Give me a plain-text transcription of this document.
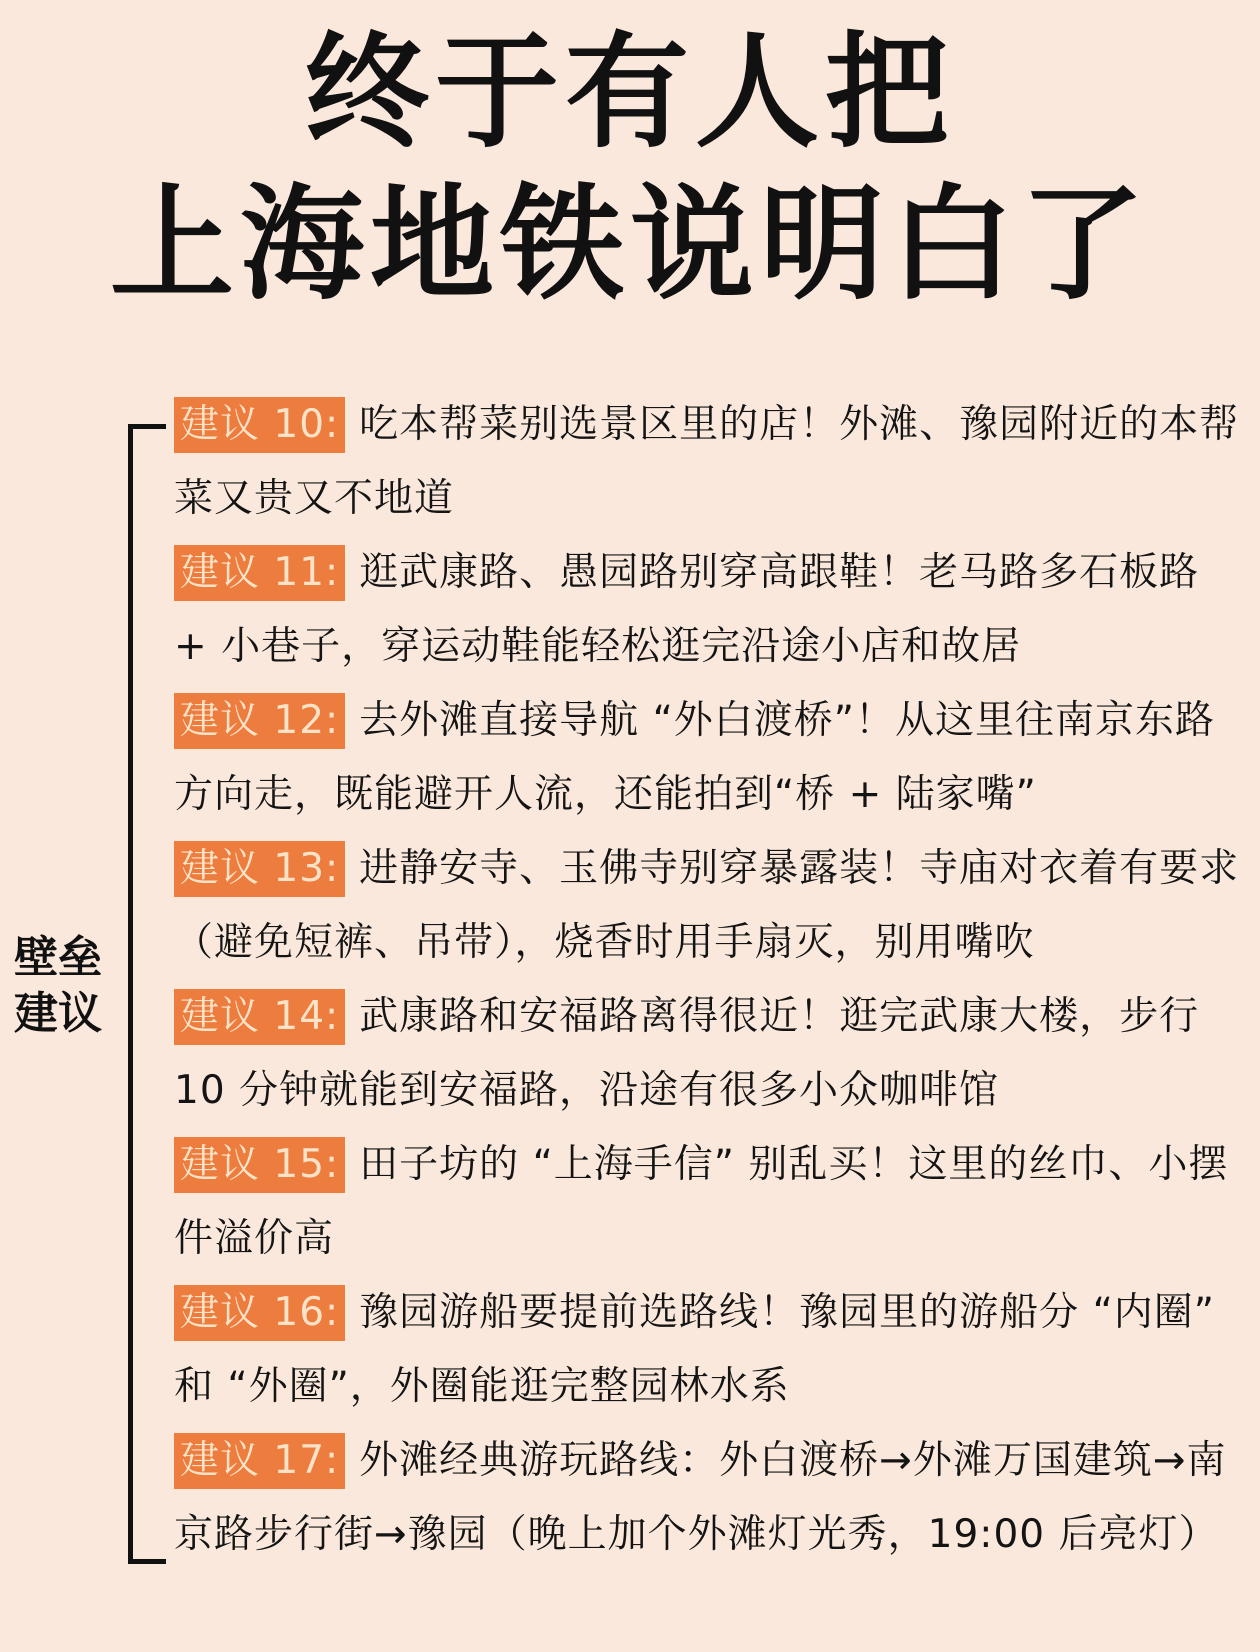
终于有人把
上海地铁说明白了
壁垒
建议
建议 10: 吃本帮菜别选景区里的店！外滩、豫园附近的本帮菜又贵又不地道
建议 11: 逛武康路、愚园路别穿高跟鞋！老马路多石板路 + 小巷子，穿运动鞋能轻松逛完沿途小店和故居
建议 12: 去外滩直接导航 “外白渡桥”！从这里往南京东路方向走，既能避开人流，还能拍到“桥 + 陆家嘴”
建议 13: 进静安寺、玉佛寺别穿暴露装！寺庙对衣着有要求（避免短裤、吊带），烧香时用手扇灭，别用嘴吹
建议 14: 武康路和安福路离得很近！逛完武康大楼，步行 10 分钟就能到安福路，沿途有很多小众咖啡馆
建议 15: 田子坊的 “上海手信” 别乱买！这里的丝巾、小摆件溢价高
建议 16: 豫园游船要提前选路线！豫园里的游船分 “内圈” 和 “外圈”，外圈能逛完整园林水系
建议 17: 外滩经典游玩路线：外白渡桥→外滩万国建筑→南京路步行街→豫园（晚上加个外滩灯光秀，19:00 后亮灯）
